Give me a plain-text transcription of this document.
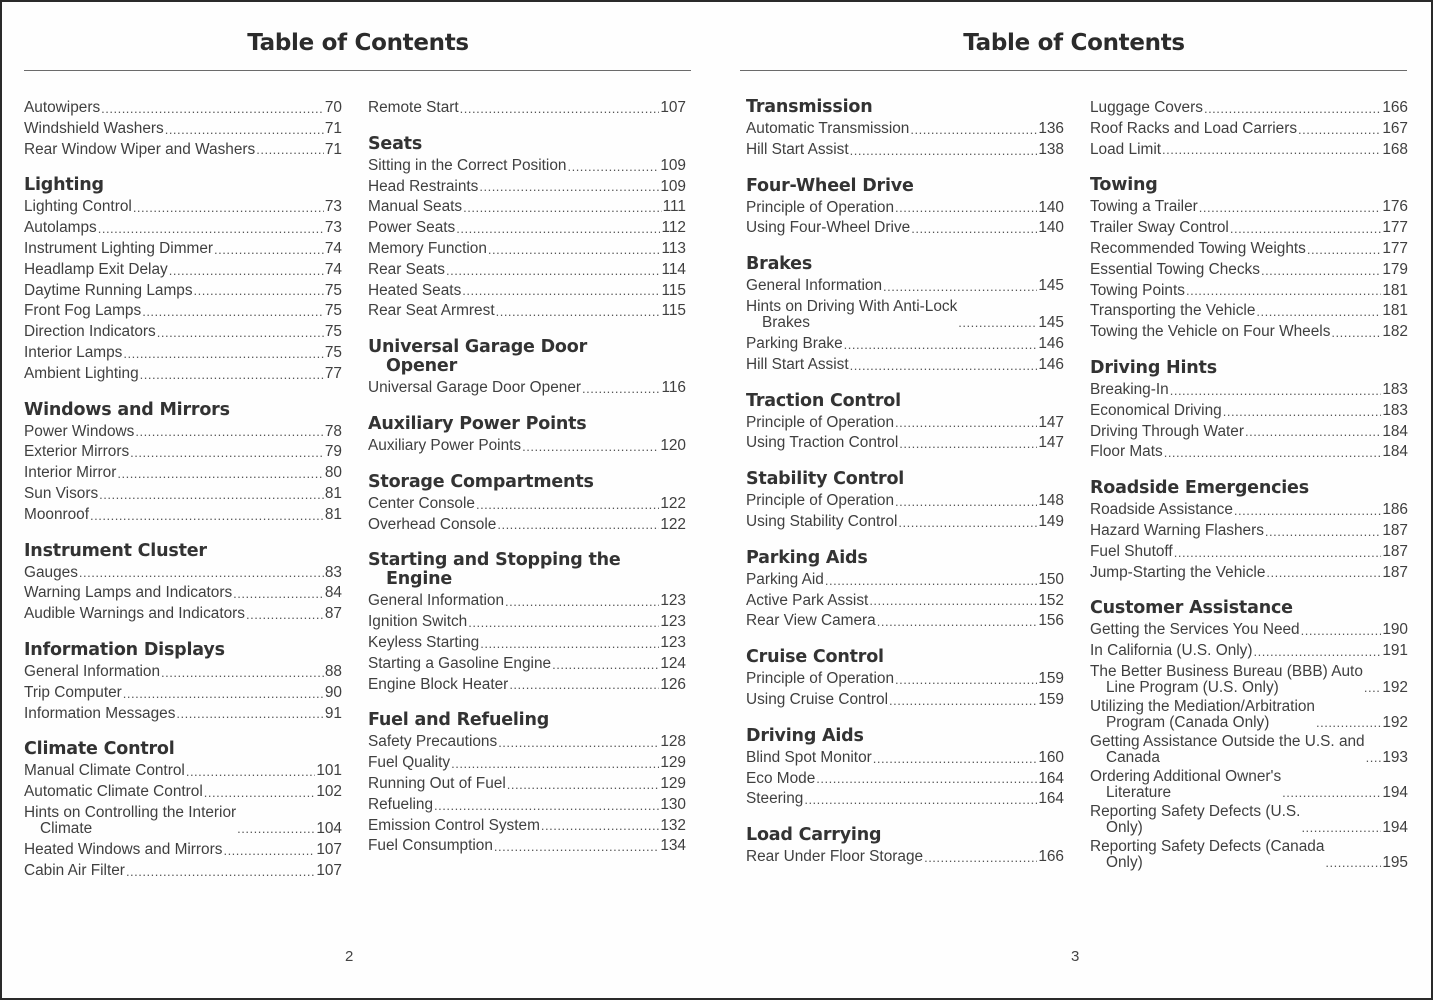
Table of Contents
Autowipers .....	70
Windshield Washers .....	71
Rear Window Wiper and Washers .....	71
Lighting
Lighting Control .....	73
Autolamps .....	73
Instrument Lighting Dimmer .....	74
Headlamp Exit Delay .....	74
Daytime Running Lamps .....	75
Front Fog Lamps .....	75
Direction Indicators .....	75
Interior Lamps .....	75
Ambient Lighting .....	77
Windows and Mirrors
Power Windows .....	78
Exterior Mirrors .....	79
Interior Mirror .....	80
Sun Visors .....	81
Moonroof .....	81
Instrument Cluster
Gauges .....	83
Warning Lamps and Indicators .....	84
Audible Warnings and Indicators .....	87
Information Displays
General Information .....	88
Trip Computer .....	90
Information Messages .....	91
Climate Control
Manual Climate Control .....	101
Automatic Climate Control .....	102
Hints on Controlling the Interior
Climate .....	104
Heated Windows and Mirrors .....	107
Cabin Air Filter .....	107
Remote Start .....	107
Seats
Sitting in the Correct Position .....	109
Head Restraints .....	109
Manual Seats .....	111
Power Seats .....	112
Memory Function .....	113
Rear Seats .....	114
Heated Seats .....	115
Rear Seat Armrest .....	115
Universal Garage Door
Opener
Universal Garage Door Opener .....	116
Auxiliary Power Points
Auxiliary Power Points .....	120
Storage Compartments
Center Console .....	122
Overhead Console .....	122
Starting and Stopping the
Engine
General Information .....	123
Ignition Switch .....	123
Keyless Starting .....	123
Starting a Gasoline Engine .....	124
Engine Block Heater .....	126
Fuel and Refueling
Safety Precautions .....	128
Fuel Quality .....	129
Running Out of Fuel .....	129
Refueling .....	130
Emission Control System .....	132
Fuel Consumption .....	134
2
Table of Contents
Transmission
Automatic Transmission .....	136
Hill Start Assist .....	138
Four-Wheel Drive
Principle of Operation .....	140
Using Four-Wheel Drive .....	140
Brakes
General Information .....	145
Hints on Driving With Anti-Lock
Brakes .....	145
Parking Brake .....	146
Hill Start Assist .....	146
Traction Control
Principle of Operation .....	147
Using Traction Control .....	147
Stability Control
Principle of Operation .....	148
Using Stability Control .....	149
Parking Aids
Parking Aid .....	150
Active Park Assist .....	152
Rear View Camera .....	156
Cruise Control
Principle of Operation .....	159
Using Cruise Control .....	159
Driving Aids
Blind Spot Monitor .....	160
Eco Mode .....	164
Steering .....	164
Load Carrying
Rear Under Floor Storage .....	166
Luggage Covers .....	166
Roof Racks and Load Carriers .....	167
Load Limit .....	168
Towing
Towing a Trailer .....	176
Trailer Sway Control .....	177
Recommended Towing Weights .....	177
Essential Towing Checks .....	179
Towing Points .....	181
Transporting the Vehicle .....	181
Towing the Vehicle on Four Wheels .....	182
Driving Hints
Breaking-In .....	183
Economical Driving .....	183
Driving Through Water .....	184
Floor Mats .....	184
Roadside Emergencies
Roadside Assistance .....	186
Hazard Warning Flashers .....	187
Fuel Shutoff .....	187
Jump-Starting the Vehicle .....	187
Customer Assistance
Getting the Services You Need .....	190
In California (U.S. Only) .....	191
The Better Business Bureau (BBB) Auto
Line Program (U.S. Only) .....	192
Utilizing the Mediation/Arbitration
Program (Canada Only) .....	192
Getting Assistance Outside the U.S. and
Canada .....	193
Ordering Additional Owner's
Literature .....	194
Reporting Safety Defects (U.S.
Only) .....	194
Reporting Safety Defects (Canada
Only) .....	195
3
